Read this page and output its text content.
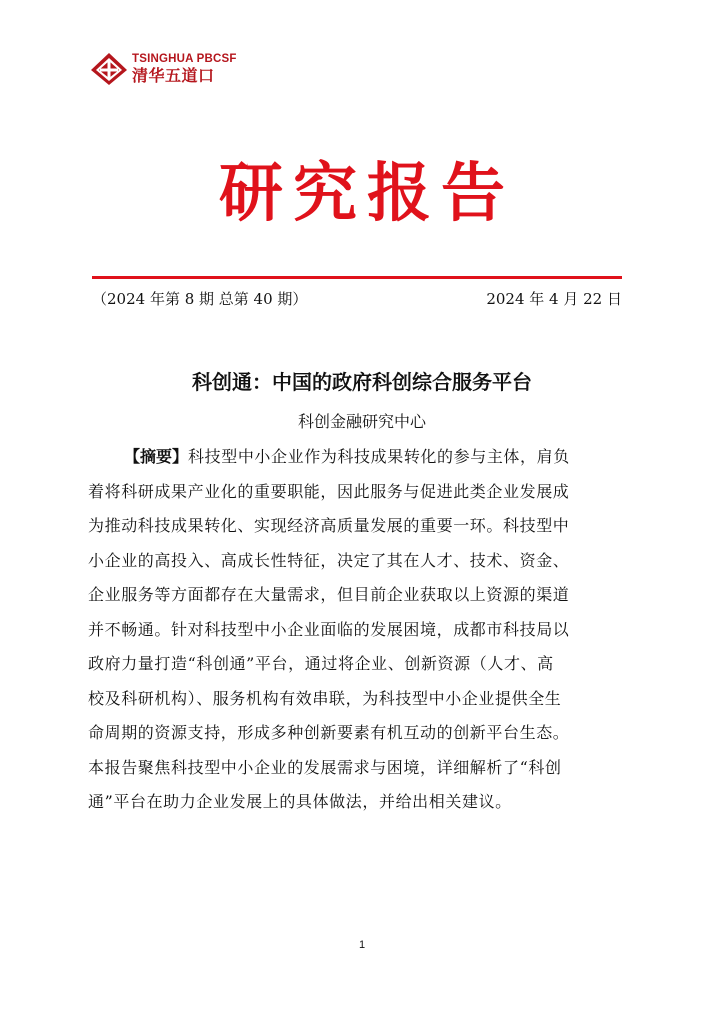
TSINGHUA PBCSF
清华五道口
研究报告
（2024 年第 8 期 总第 40 期）	2024 年 4 月 22 日
科创通：中国的政府科创综合服务平台
科创金融研究中心
【摘要】科技型中小企业作为科技成果转化的参与主体，肩负
着将科研成果产业化的重要职能，因此服务与促进此类企业发展成
为推动科技成果转化、实现经济高质量发展的重要一环。科技型中
小企业的高投入、高成长性特征，决定了其在人才、技术、资金、
企业服务等方面都存在大量需求，但目前企业获取以上资源的渠道
并不畅通。针对科技型中小企业面临的发展困境，成都市科技局以
政府力量打造“科创通”平台，通过将企业、创新资源（人才、高
校及科研机构）、服务机构有效串联，为科技型中小企业提供全生
命周期的资源支持，形成多种创新要素有机互动的创新平台生态。
本报告聚焦科技型中小企业的发展需求与困境，详细解析了“科创
通”平台在助力企业发展上的具体做法，并给出相关建议。
1
